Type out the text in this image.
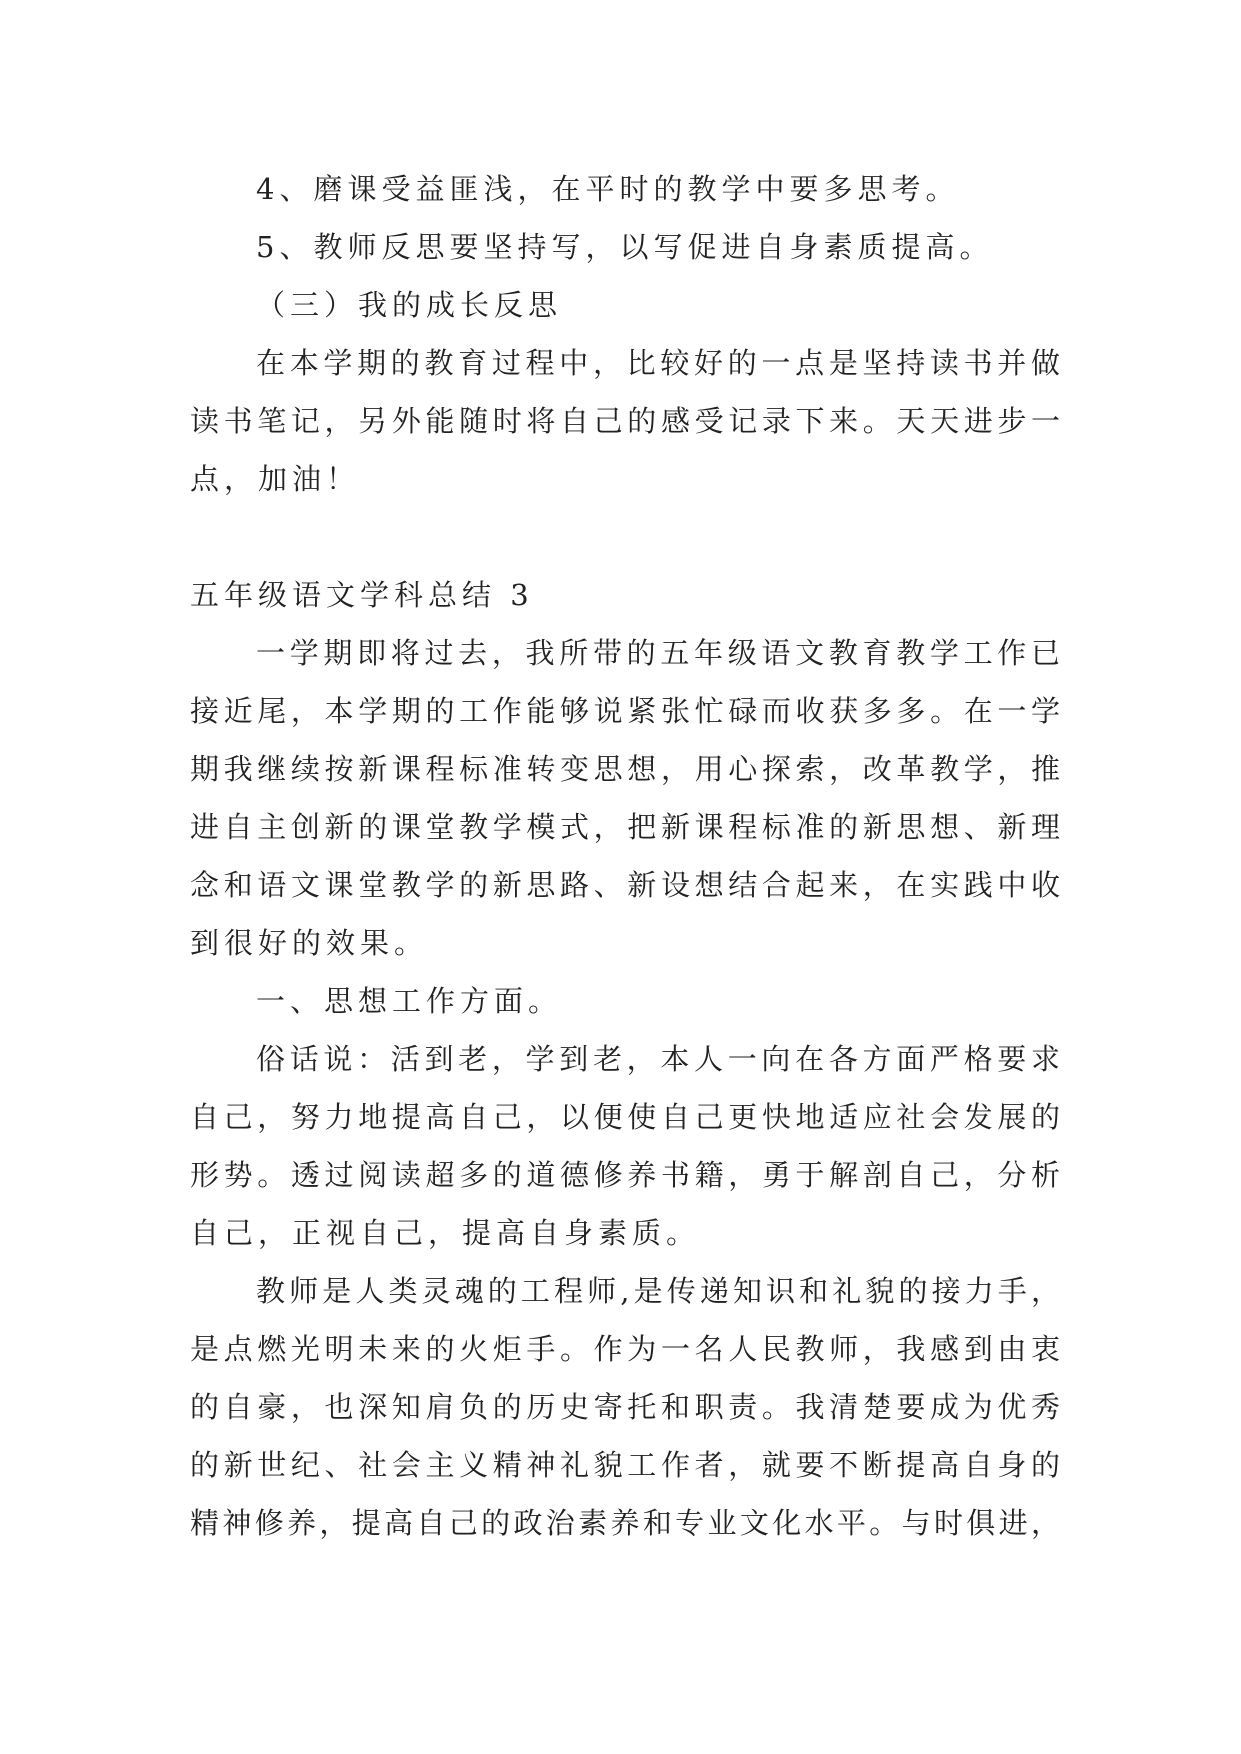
4、磨课受益匪浅，在平时的教学中要多思考。

5、教师反思要坚持写，以写促进自身素质提高。

（三）我的成长反思

在本学期的教育过程中，比较好的一点是坚持读书并做

读书笔记，另外能随时将自己的感受记录下来。天天进步一

点，加油！

五年级语文学科总结 3

一学期即将过去，我所带的五年级语文教育教学工作已

接近尾，本学期的工作能够说紧张忙碌而收获多多。在一学

期我继续按新课程标准转变思想，用心探索，改革教学，推

进自主创新的课堂教学模式，把新课程标准的新思想、新理

念和语文课堂教学的新思路、新设想结合起来，在实践中收

到很好的效果。

一、思想工作方面。

俗话说：活到老，学到老，本人一向在各方面严格要求

自己，努力地提高自己，以便使自己更快地适应社会发展的

形势。透过阅读超多的道德修养书籍，勇于解剖自己，分析

自己，正视自己，提高自身素质。

教师是人类灵魂的工程师,是传递知识和礼貌的接力手，

是点燃光明未来的火炬手。作为一名人民教师，我感到由衷

的自豪，也深知肩负的历史寄托和职责。我清楚要成为优秀

的新世纪、社会主义精神礼貌工作者，就要不断提高自身的

精神修养，提高自己的政治素养和专业文化水平。与时俱进，
